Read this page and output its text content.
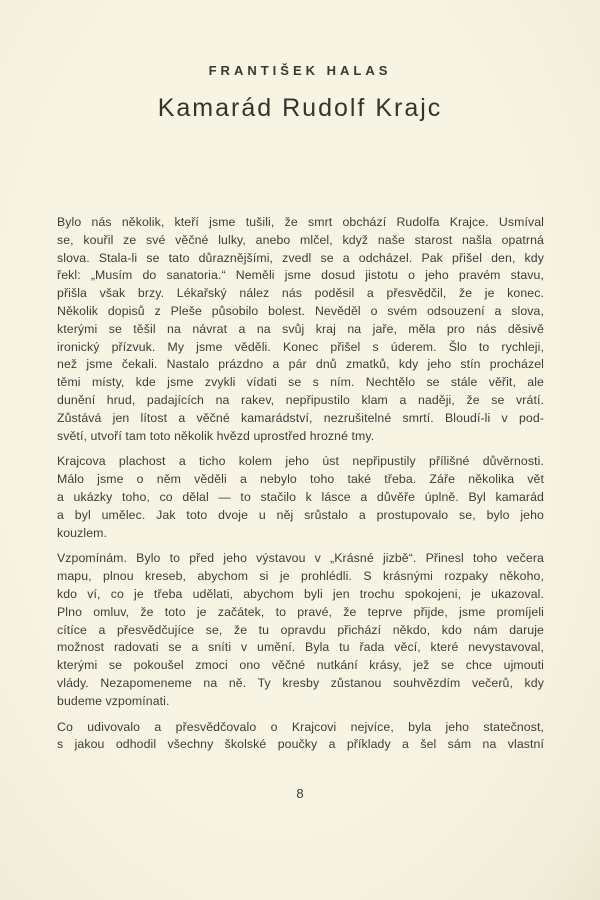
FRANTIŠEK HALAS
Kamarád Rudolf Krajc
Bylo nás několik, kteří jsme tušili, že smrt obchází Rudolfa Krajce. Usmíval
se, kouřil ze své věčné lulky, anebo mlčel, když naše starost našla opatrná
slova. Stala-li se tato důraznějšími, zvedl se a odcházel. Pak přišel den, kdy
řekl: „Musím do sanatoria.“ Neměli jsme dosud jistotu o jeho pravém stavu,
přišla však brzy. Lékařský nález nás poděsil a přesvědčil, že je konec.
Několik dopisů z Pleše působilo bolest. Nevěděl o svém odsouzení a slova,
kterými se těšil na návrat a na svůj kraj na jaře, měla pro nás děsivě
ironický přízvuk. My jsme věděli. Konec přišel s úderem. Šlo to rychleji,
než jsme čekali. Nastalo prázdno a pár dnů zmatků, kdy jeho stín procházel
těmi místy, kde jsme zvykli vídati se s ním. Nechtělo se stále věřit, ale
dunění hrud, padajících na rakev, nepřipustilo klam a naději, že se vrátí.
Zůstává jen lítost a věčné kamarádství, nezrušitelné smrtí. Bloudí-li v pod-
světí, utvoří tam toto několik hvězd uprostřed hrozné tmy.
Krajcova plachost a ticho kolem jeho úst nepřipustily přílišné důvěrnosti.
Málo jsme o něm věděli a nebylo toho také třeba. Záře několika vět
a ukázky toho, co dělal — to stačilo k lásce a důvěře úplně. Byl kamarád
a byl umělec. Jak toto dvoje u něj srůstalo a prostupovalo se, bylo jeho
kouzlem.
Vzpomínám. Bylo to před jeho výstavou v „Krásné jizbě“. Přinesl toho večera
mapu, plnou kreseb, abychom si je prohlédli. S krásnými rozpaky někoho,
kdo ví, co je třeba udělati, abychom byli jen trochu spokojeni, je ukazoval.
Plno omluv, že toto je začátek, to pravé, že teprve přijde, jsme promíjeli
cítíce a přesvědčujíce se, že tu opravdu přichází někdo, kdo nám daruje
možnost radovati se a sníti v umění. Byla tu řada věcí, které nevystavoval,
kterými se pokoušel zmoci ono věčné nutkání krásy, jež se chce ujmouti
vlády. Nezapomeneme na ně. Ty kresby zůstanou souhvězdím večerů, kdy
budeme vzpomínati.
Co udivovalo a přesvědčovalo o Krajcovi nejvíce, byla jeho statečnost,
s jakou odhodil všechny školské poučky a příklady a šel sám na vlastní
8
